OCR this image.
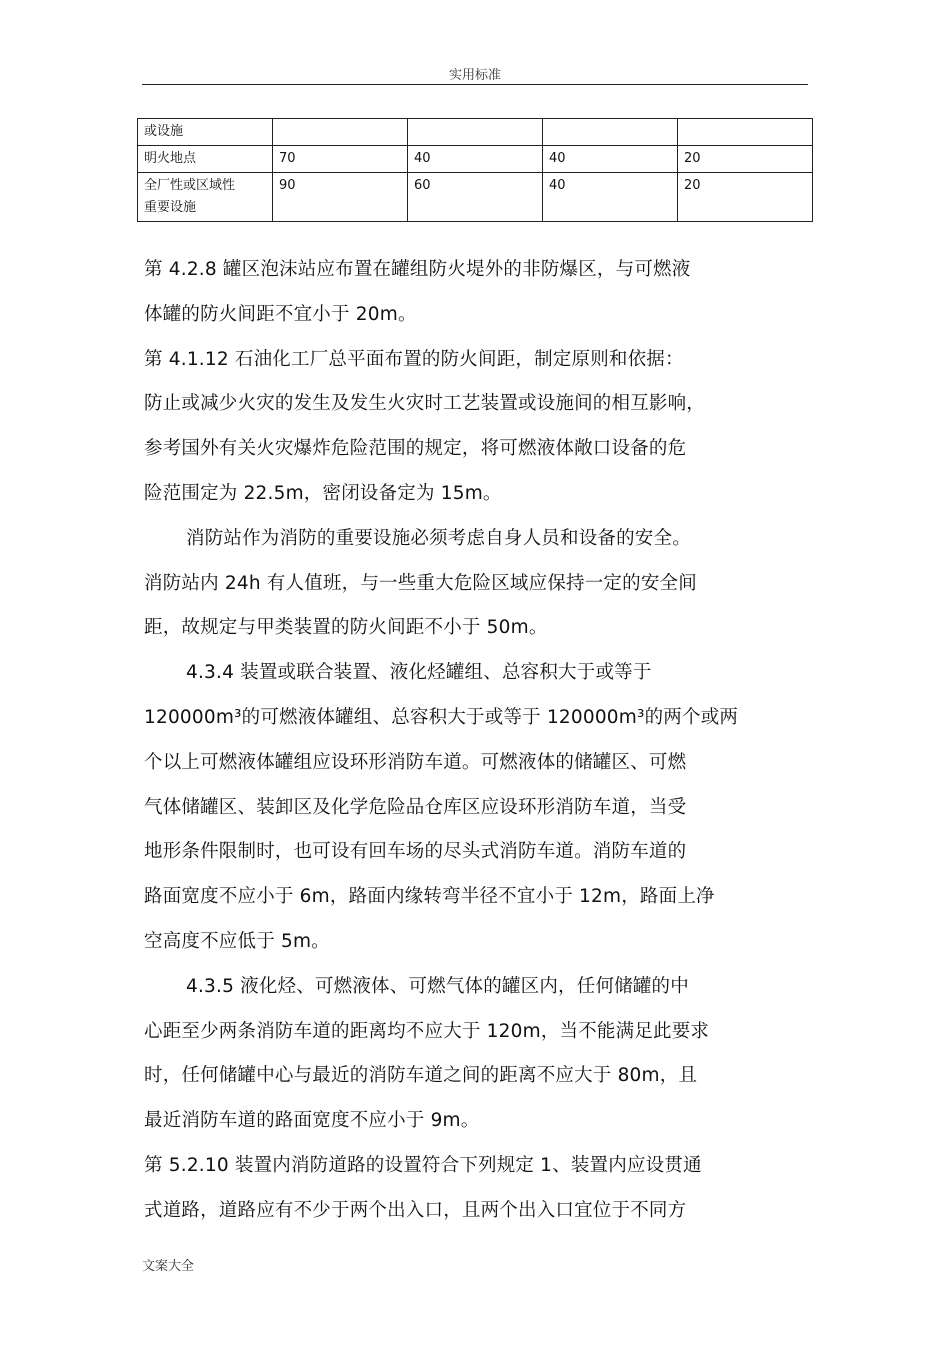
实用标准
或设施				
明火地点	70	40	40	20

全厂性或区域性
重要设施	90	60	40	20
第 4.2.8 罐区泡沫站应布置在罐组防火堤外的非防爆区，与可燃液
体罐的防火间距不宜小于 20m。
第 4.1.12 石油化工厂总平面布置的防火间距，制定原则和依据：
防止或减少火灾的发生及发生火灾时工艺装置或设施间的相互影响，
参考国外有关火灾爆炸危险范围的规定，将可燃液体敞口设备的危
险范围定为 22.5m，密闭设备定为 15m。
消防站作为消防的重要设施必须考虑自身人员和设备的安全。
消防站内 24h 有人值班，与一些重大危险区域应保持一定的安全间
距，故规定与甲类装置的防火间距不小于 50m。
4.3.4 装置或联合装置、液化烃罐组、总容积大于或等于
120000m³的可燃液体罐组、总容积大于或等于 120000m³的两个或两
个以上可燃液体罐组应设环形消防车道。可燃液体的储罐区、可燃
气体储罐区、装卸区及化学危险品仓库区应设环形消防车道，当受
地形条件限制时，也可设有回车场的尽头式消防车道。消防车道的
路面宽度不应小于 6m，路面内缘转弯半径不宜小于 12m，路面上净
空高度不应低于 5m。
4.3.5 液化烃、可燃液体、可燃气体的罐区内，任何储罐的中
心距至少两条消防车道的距离均不应大于 120m，当不能满足此要求
时，任何储罐中心与最近的消防车道之间的距离不应大于 80m，且
最近消防车道的路面宽度不应小于 9m。
第 5.2.10 装置内消防道路的设置符合下列规定 1、装置内应设贯通
式道路，道路应有不少于两个出入口，且两个出入口宜位于不同方
文案大全
